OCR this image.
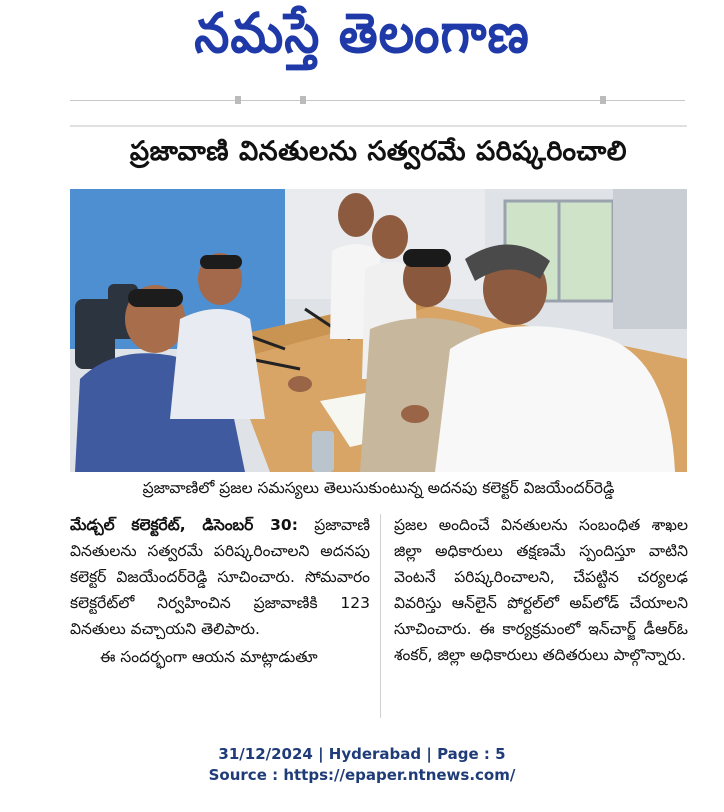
నమస్తే తెలంగాణ
ప్రజావాణి వినతులను సత్వరమే పరిష్కరించాలి

ప్రజావాణిలో ప్రజల సమస్యలు తెలుసుకుంటున్న అదనపు కలెక్టర్ విజయేందర్‌రెడ్డి

మేడ్చల్ కలెక్టరేట్, డిసెంబర్ 30: ప్రజావాణి వినతులను సత్వరమే పరిష్కరించాలని అదనపు కలెక్టర్ విజయేందర్‌రెడ్డి సూచించారు. సోమవారం కలెక్టరేట్‌లో నిర్వహించిన ప్రజావాణికి 123 వినతులు వచ్చాయని తెలిపారు.

ఈ సందర్భంగా ఆయన మాట్లాడుతూ

ప్రజల అందించే వినతులను సంబంధిత శాఖల జిల్లా అధికారులు తక్షణమే స్పందిస్తూ వాటిని వెంటనే పరిష్కరించాలని, చేపట్టిన చర్యలఢ వివరిస్తు ఆన్‌లైన్ పోర్టల్‌లో అప్‌లోడ్ చేయాలని సూచించారు. ఈ కార్యక్రమంలో ఇన్‌చార్జ్ డీఆర్‌ఓ శంకర్, జిల్లా అధికారులు తదితరులు పాల్గొన్నారు.

31/12/2024 | Hyderabad | Page : 5
Source : https://epaper.ntnews.com/
